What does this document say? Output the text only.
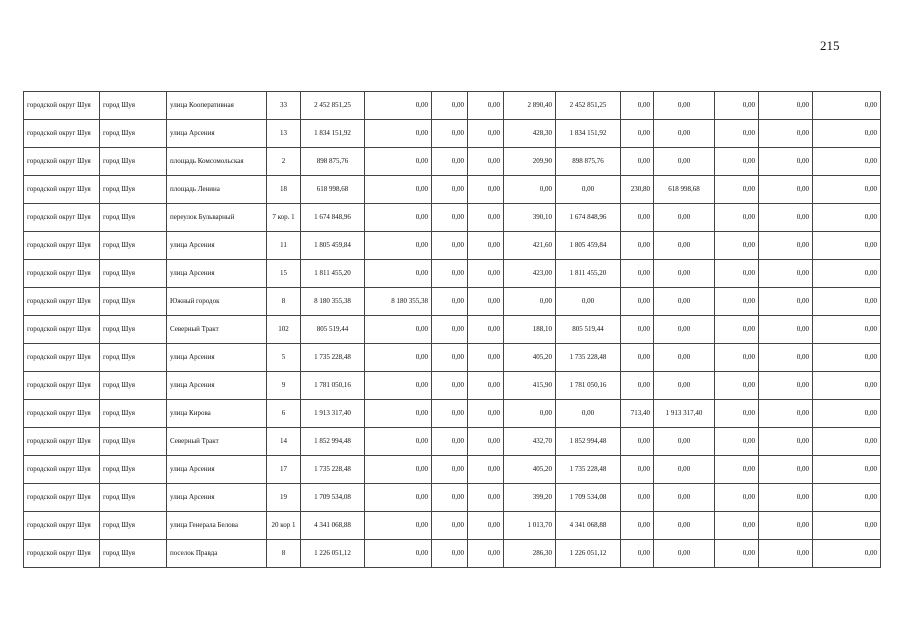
215
городской округ Шуя	город Шуя	улица Кооперативная	33	2 452 851,25	0,00	0,00	0,00	2 890,40	2 452 851,25	0,00	0,00	0,00	0,00	0,00
городской округ Шуя	город Шуя	улица Арсения	13	1 834 151,92	0,00	0,00	0,00	428,30	1 834 151,92	0,00	0,00	0,00	0,00	0,00
городской округ Шуя	город Шуя	площадь Комсомольская	2	898 875,76	0,00	0,00	0,00	209,90	898 875,76	0,00	0,00	0,00	0,00	0,00
городской округ Шуя	город Шуя	площадь Ленина	18	618 998,68	0,00	0,00	0,00	0,00	0,00	230,80	618 998,68	0,00	0,00	0,00
городской округ Шуя	город Шуя	переулок Бульварный	7 кор. 1	1 674 848,96	0,00	0,00	0,00	390,10	1 674 848,96	0,00	0,00	0,00	0,00	0,00
городской округ Шуя	город Шуя	улица Арсения	11	1 805 459,84	0,00	0,00	0,00	421,60	1 805 459,84	0,00	0,00	0,00	0,00	0,00
городской округ Шуя	город Шуя	улица Арсения	15	1 811 455,20	0,00	0,00	0,00	423,00	1 811 455,20	0,00	0,00	0,00	0,00	0,00
городской округ Шуя	город Шуя	Южный городок	8	8 180 355,38	8 180 355,38	0,00	0,00	0,00	0,00	0,00	0,00	0,00	0,00	0,00
городской округ Шуя	город Шуя	Северный Тракт	102	805 519,44	0,00	0,00	0,00	188,10	805 519,44	0,00	0,00	0,00	0,00	0,00
городской округ Шуя	город Шуя	улица Арсения	5	1 735 228,48	0,00	0,00	0,00	405,20	1 735 228,48	0,00	0,00	0,00	0,00	0,00
городской округ Шуя	город Шуя	улица Арсения	9	1 781 050,16	0,00	0,00	0,00	415,90	1 781 050,16	0,00	0,00	0,00	0,00	0,00
городской округ Шуя	город Шуя	улица Кирова	6	1 913 317,40	0,00	0,00	0,00	0,00	0,00	713,40	1 913 317,40	0,00	0,00	0,00
городской округ Шуя	город Шуя	Северный Тракт	14	1 852 994,48	0,00	0,00	0,00	432,70	1 852 994,48	0,00	0,00	0,00	0,00	0,00
городской округ Шуя	город Шуя	улица Арсения	17	1 735 228,48	0,00	0,00	0,00	405,20	1 735 228,48	0,00	0,00	0,00	0,00	0,00
городской округ Шуя	город Шуя	улица Арсения	19	1 709 534,08	0,00	0,00	0,00	399,20	1 709 534,08	0,00	0,00	0,00	0,00	0,00
городской округ Шуя	город Шуя	улица Генерала Белова	20 кор 1	4 341 068,88	0,00	0,00	0,00	1 013,70	4 341 068,88	0,00	0,00	0,00	0,00	0,00
городской округ Шуя	город Шуя	поселок Правда	8	1 226 051,12	0,00	0,00	0,00	286,30	1 226 051,12	0,00	0,00	0,00	0,00	0,00
